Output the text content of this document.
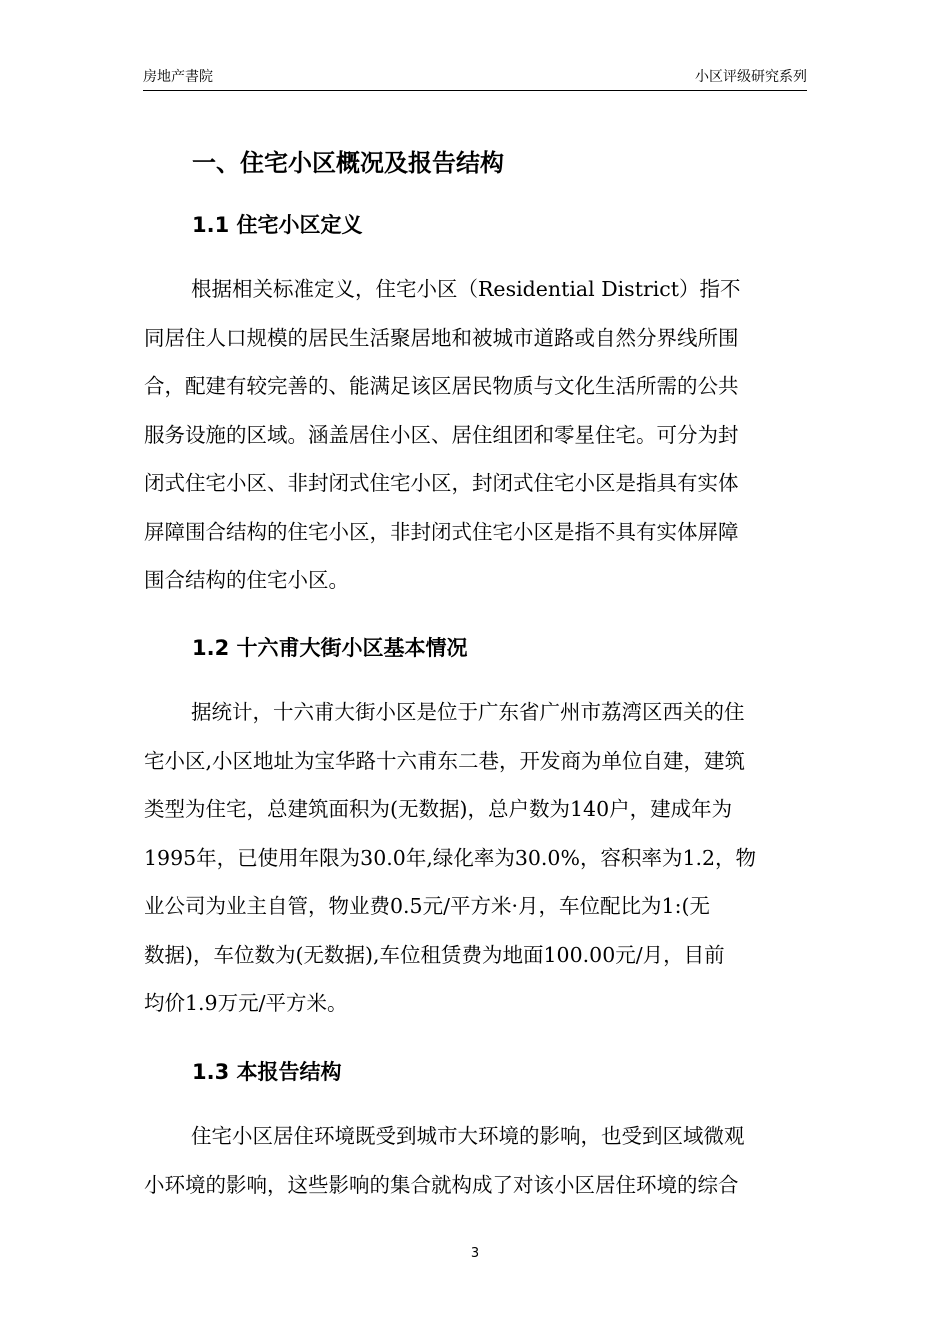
房地产書院	小区评级研究系列
一、住宅小区概况及报告结构
1.1 住宅小区定义
根据相关标准定义，住宅小区（Residential District）指不
同居住人口规模的居民生活聚居地和被城市道路或自然分界线所围
合，配建有较完善的、能满足该区居民物质与文化生活所需的公共
服务设施的区域。涵盖居住小区、居住组团和零星住宅。可分为封
闭式住宅小区、非封闭式住宅小区，封闭式住宅小区是指具有实体
屏障围合结构的住宅小区，非封闭式住宅小区是指不具有实体屏障
围合结构的住宅小区。
1.2 十六甫大街小区基本情况
据统计，十六甫大街小区是位于广东省广州市荔湾区西关的住
宅小区,小区地址为宝华路十六甫东二巷，开发商为单位自建，建筑
类型为住宅，总建筑面积为(无数据)，总户数为140户，建成年为
1995年，已使用年限为30.0年,绿化率为30.0%，容积率为1.2，物
业公司为业主自管，物业费0.5元/平方米·月，车位配比为1:(无
数据)，车位数为(无数据),车位租赁费为地面100.00元/月，目前
均价1.9万元/平方米。
1.3 本报告结构
住宅小区居住环境既受到城市大环境的影响，也受到区域微观
小环境的影响，这些影响的集合就构成了对该小区居住环境的综合
3
